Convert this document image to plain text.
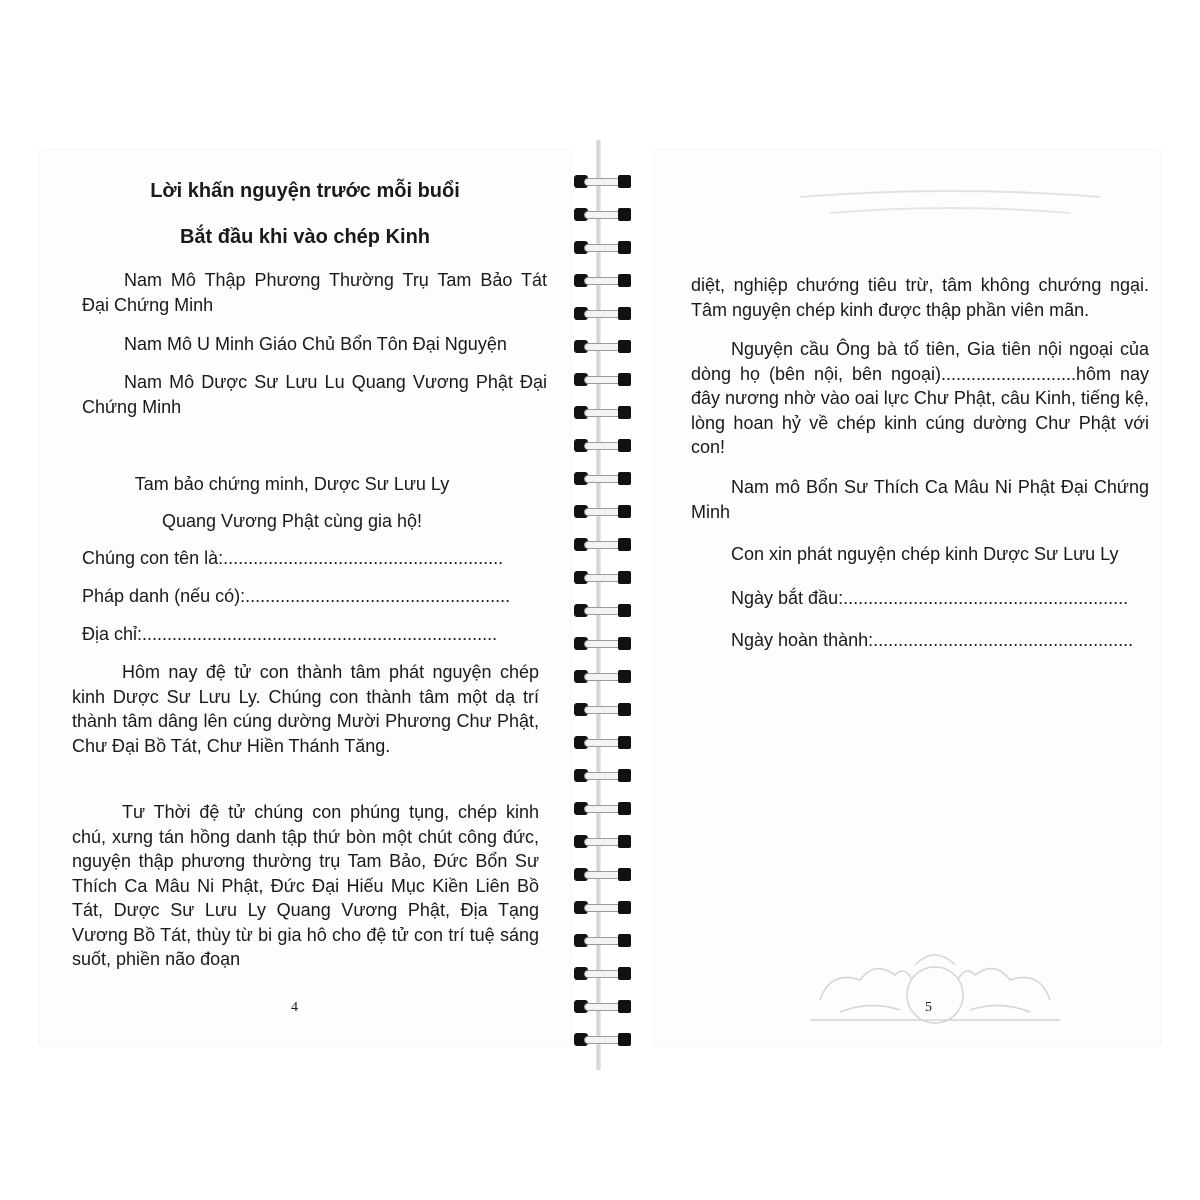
Lời khấn nguyện trước mỗi buổi

Bắt đầu khi vào chép Kinh

Nam Mô Thập Phương Thường Trụ Tam Bảo Tát Đại Chứng Minh

Nam Mô U Minh Giáo Chủ Bổn Tôn Đại Nguyện

Nam Mô Dược Sư Lưu Lu Quang Vương Phật Đại Chứng Minh

Tam bảo chứng minh, Dược Sư Lưu Ly

Quang Vương Phật cùng gia hộ!

Chúng con tên là:........................................................

Pháp danh (nếu có):.....................................................

Địa chỉ:.......................................................................

Hôm nay đệ tử con thành tâm phát nguyện chép kinh Dược Sư Lưu Ly. Chúng con thành tâm một dạ trí thành tâm dâng lên cúng dường Mười Phương Chư Phật, Chư Đại Bồ Tát, Chư Hiền Thánh Tăng.

Tư Thời đệ tử chúng con phúng tụng, chép kinh chú, xưng tán hồng danh tập thứ bòn một chút công đức, nguyện thập phương thường trụ Tam Bảo, Đức Bổn Sư Thích Ca Mâu Ni Phật, Đức Đại Hiếu Mục Kiền Liên Bồ Tát, Dược Sư Lưu Ly Quang Vương Phật, Địa Tạng Vương Bồ Tát, thùy từ bi gia hô cho đệ tử con trí tuệ sáng suốt, phiền não đoạn

4

diệt, nghiệp chướng tiêu trừ, tâm không chướng ngại. Tâm nguyện chép kinh được thập phần viên mãn.

Nguyện cầu Ông bà tổ tiên, Gia tiên nội ngoại của dòng họ (bên nội, bên ngoại)...........................hôm nay đây nương nhờ vào oai lực Chư Phật, câu Kinh, tiếng kệ, lòng hoan hỷ về chép kinh cúng dường Chư Phật với con!

Nam mô Bổn Sư Thích Ca Mâu Ni Phật Đại Chứng Minh

Con xin phát nguyện chép kinh Dược Sư Lưu Ly

Ngày bắt đầu:.........................................................

Ngày hoàn thành:....................................................

5
